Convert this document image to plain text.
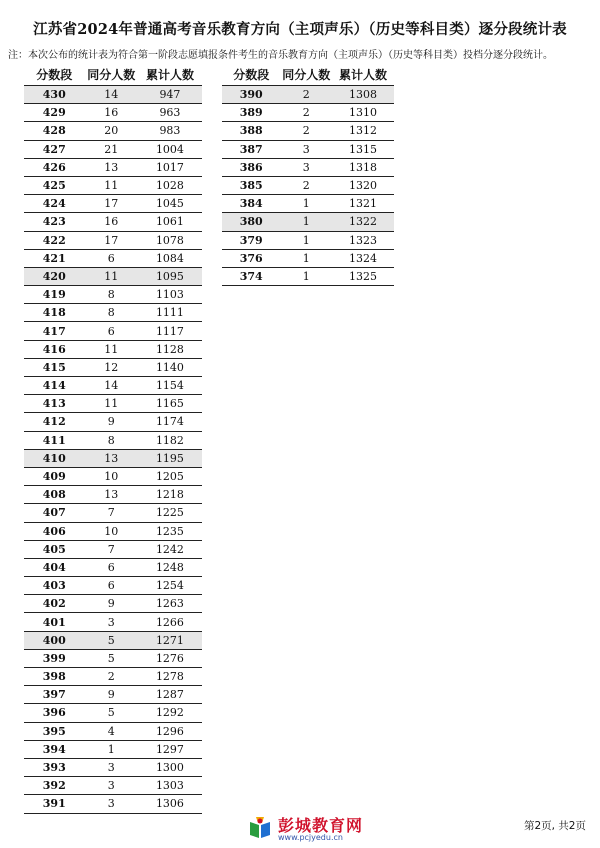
江苏省2024年普通高考音乐教育方向（主项声乐）（历史等科目类）逐分段统计表
注：本次公布的统计表为符合第一阶段志愿填报条件考生的音乐教育方向（主项声乐）（历史等科目类）投档分逐分段统计。
分数段	同分人数 累计人数
430	14	947
429	16	963
428	20	983
427	21	1004
426	13	1017
425	11	1028
424	17	1045
423	16	1061
422	17	1078
421	6	1084
420	11	1095
419	8	1103
418	8	1111
417	6	1117
416	11	1128
415	12	1140
414	14	1154
413	11	1165
412	9	1174
411	8	1182
410	13	1195
409	10	1205
408	13	1218
407	7	1225
406	10	1235
405	7	1242
404	6	1248
403	6	1254
402	9	1263
401	3	1266
400	5	1271
399	5	1276
398	2	1278
397	9	1287
396	5	1292
395	4	1296
394	1	1297
393	3	1300
392	3	1303
391	3	1306
分数段	同分人数 累计人数
390	2	1308
389	2	1310
388	2	1312
387	3	1315
386	3	1318
385	2	1320
384	1	1321
380	1	1322
379	1	1323
376	1	1324
374	1	1325
彭城教育网
www.pcjyedu.cn
第2页, 共2页
